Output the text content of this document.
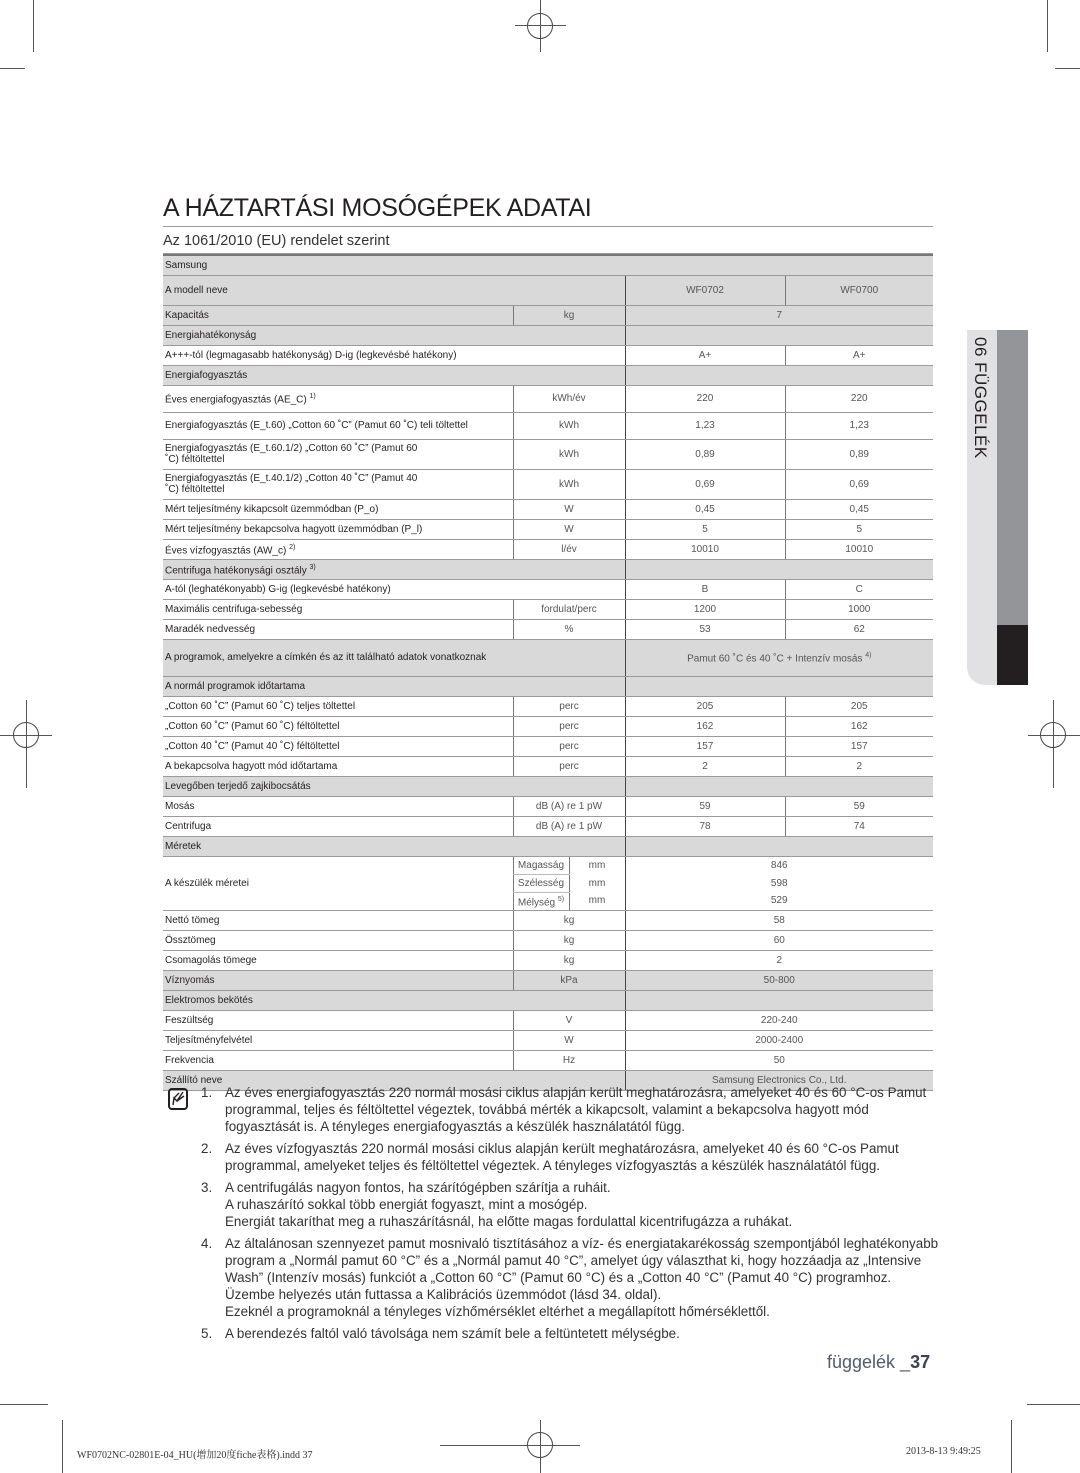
A HÁZTARTÁSI MOSÓGÉPEK ADATAI
Az 1061/2010 (EU) rendelet szerint
Samsung				
A modell neve			WF0702	WF0700
Kapacitás	kg		7	
Energiahatékonyság				
A+++-tól (legmagasabb hatékonyság) D-ig (legkevésbé hatékony)			A+	A+
Energiafogyasztás				
Éves energiafogyasztás (AE_C) $^{1)}$	kWh/év		220	220
Energiafogyasztás (E_t.60) „Cotton 60 ˚C” (Pamut 60 ˚C) teli töltettel	kWh		1,23	1,23
Energiafogyasztás (E_t.60.1/2) „Cotton 60 ˚C” (Pamut 60 ˚C) féltöltettel	kWh		0,89	0,89
Energiafogyasztás (E_t.40.1/2) „Cotton 40 ˚C” (Pamut 40 ˚C) féltöltettel	kWh		0,69	0,69
Mért teljesítmény kikapcsolt üzemmódban (P_o)	W		0,45	0,45
Mért teljesítmény bekapcsolva hagyott üzemmódban (P_l)	W		5	5
Éves vízfogyasztás (AW_c) $^{2)}$	l/év		10010	10010
Centrifuga hatékonysági osztály $^{3)}$	
A-tól (leghatékonyabb) G-ig (legkevésbé hatékony)			B	C
Maximális centrifuga-sebesség	fordulat/perc		1200	1000
Maradék nedvesség	%		53	62
A programok, amelyekre a címkén és az itt található adatok vonatkoznak			Pamut 60 ˚C és 40 ˚C + Intenzív mosás $^{4)}$
A normál programok időtartama				
„Cotton 60 ˚C” (Pamut 60 ˚C) teljes töltettel	perc		205	205
„Cotton 60 ˚C” (Pamut 60 ˚C) féltöltettel	perc		162	162
„Cotton 40 ˚C” (Pamut 40 ˚C) féltöltettel	perc		157	157
A bekapcsolva hagyott mód időtartama	perc		2	2
Levegőben terjedő zajkibocsátás				
Mosás	dB (A) re 1 pW		59	59
Centrifuga	dB (A) re 1 pW		78	74
Méretek				
A készülék méretei	Magasság	mm	846	
	Szélesség	mm	598	
	Mélység $^{5)}$	mm	529	
Nettó tömeg	kg		58	
Össztömeg	kg		60	
Csomagolás tömege	kg		2	
Víznyomás	kPa		50-800	
Elektromos bekötés				
Feszültség	V		220-240	
Teljesítményfelvétel	W		2000-2400	
Frekvencia	Hz		50	
Szállító neve			Samsung Electronics Co., Ltd.	
1. Az éves energiafogyasztás 220 normál mosási ciklus alapján került meghatározásra, amelyeket 40 és 60 °C-os Pamut programmal, teljes és féltöltettel végeztek, továbbá mérték a kikapcsolt, valamint a bekapcsolva hagyott mód fogyasztását is. A tényleges energiafogyasztás a készülék használatától függ.

2. Az éves vízfogyasztás 220 normál mosási ciklus alapján került meghatározásra, amelyeket 40 és 60 °C-os Pamut programmal, amelyeket teljes és féltöltettel végeztek. A tényleges vízfogyasztás a készülék használatától függ.

3. A centrifugálás nagyon fontos, ha szárítógépben szárítja a ruháit.

A ruhaszárító sokkal több energiát fogyaszt, mint a mosógép.

Energiát takaríthat meg a ruhaszárításnál, ha előtte magas fordulattal kicentrifugázza a ruhákat.

4. Az általánosan szennyezet pamut mosnivaló tisztításához a víz- és energiatakarékosság szempontjából leghatékonyabb program a „Normál pamut 60 °C” és a „Normál pamut 40 °C”, amelyet úgy választhat ki, hogy hozzáadja az „Intensive Wash” (Intenzív mosás) funkciót a „Cotton 60 °C” (Pamut 60 °C) és a „Cotton 40 °C” (Pamut 40 °C) programhoz.

Üzembe helyezés után futtassa a Kalibrációs üzemmódot (lásd 34. oldal).

Ezeknél a programoknál a tényleges vízhőmérséklet eltérhet a megállapított hőmérséklettől.

5. A berendezés faltól való távolsága nem számít bele a feltüntetett mélységbe.

06 FÜGGELÉK
függelék _37
WF0702NC-02801E-04_HU(增加20度fiche表格).indd 37	2013-8-13 9:49:25
